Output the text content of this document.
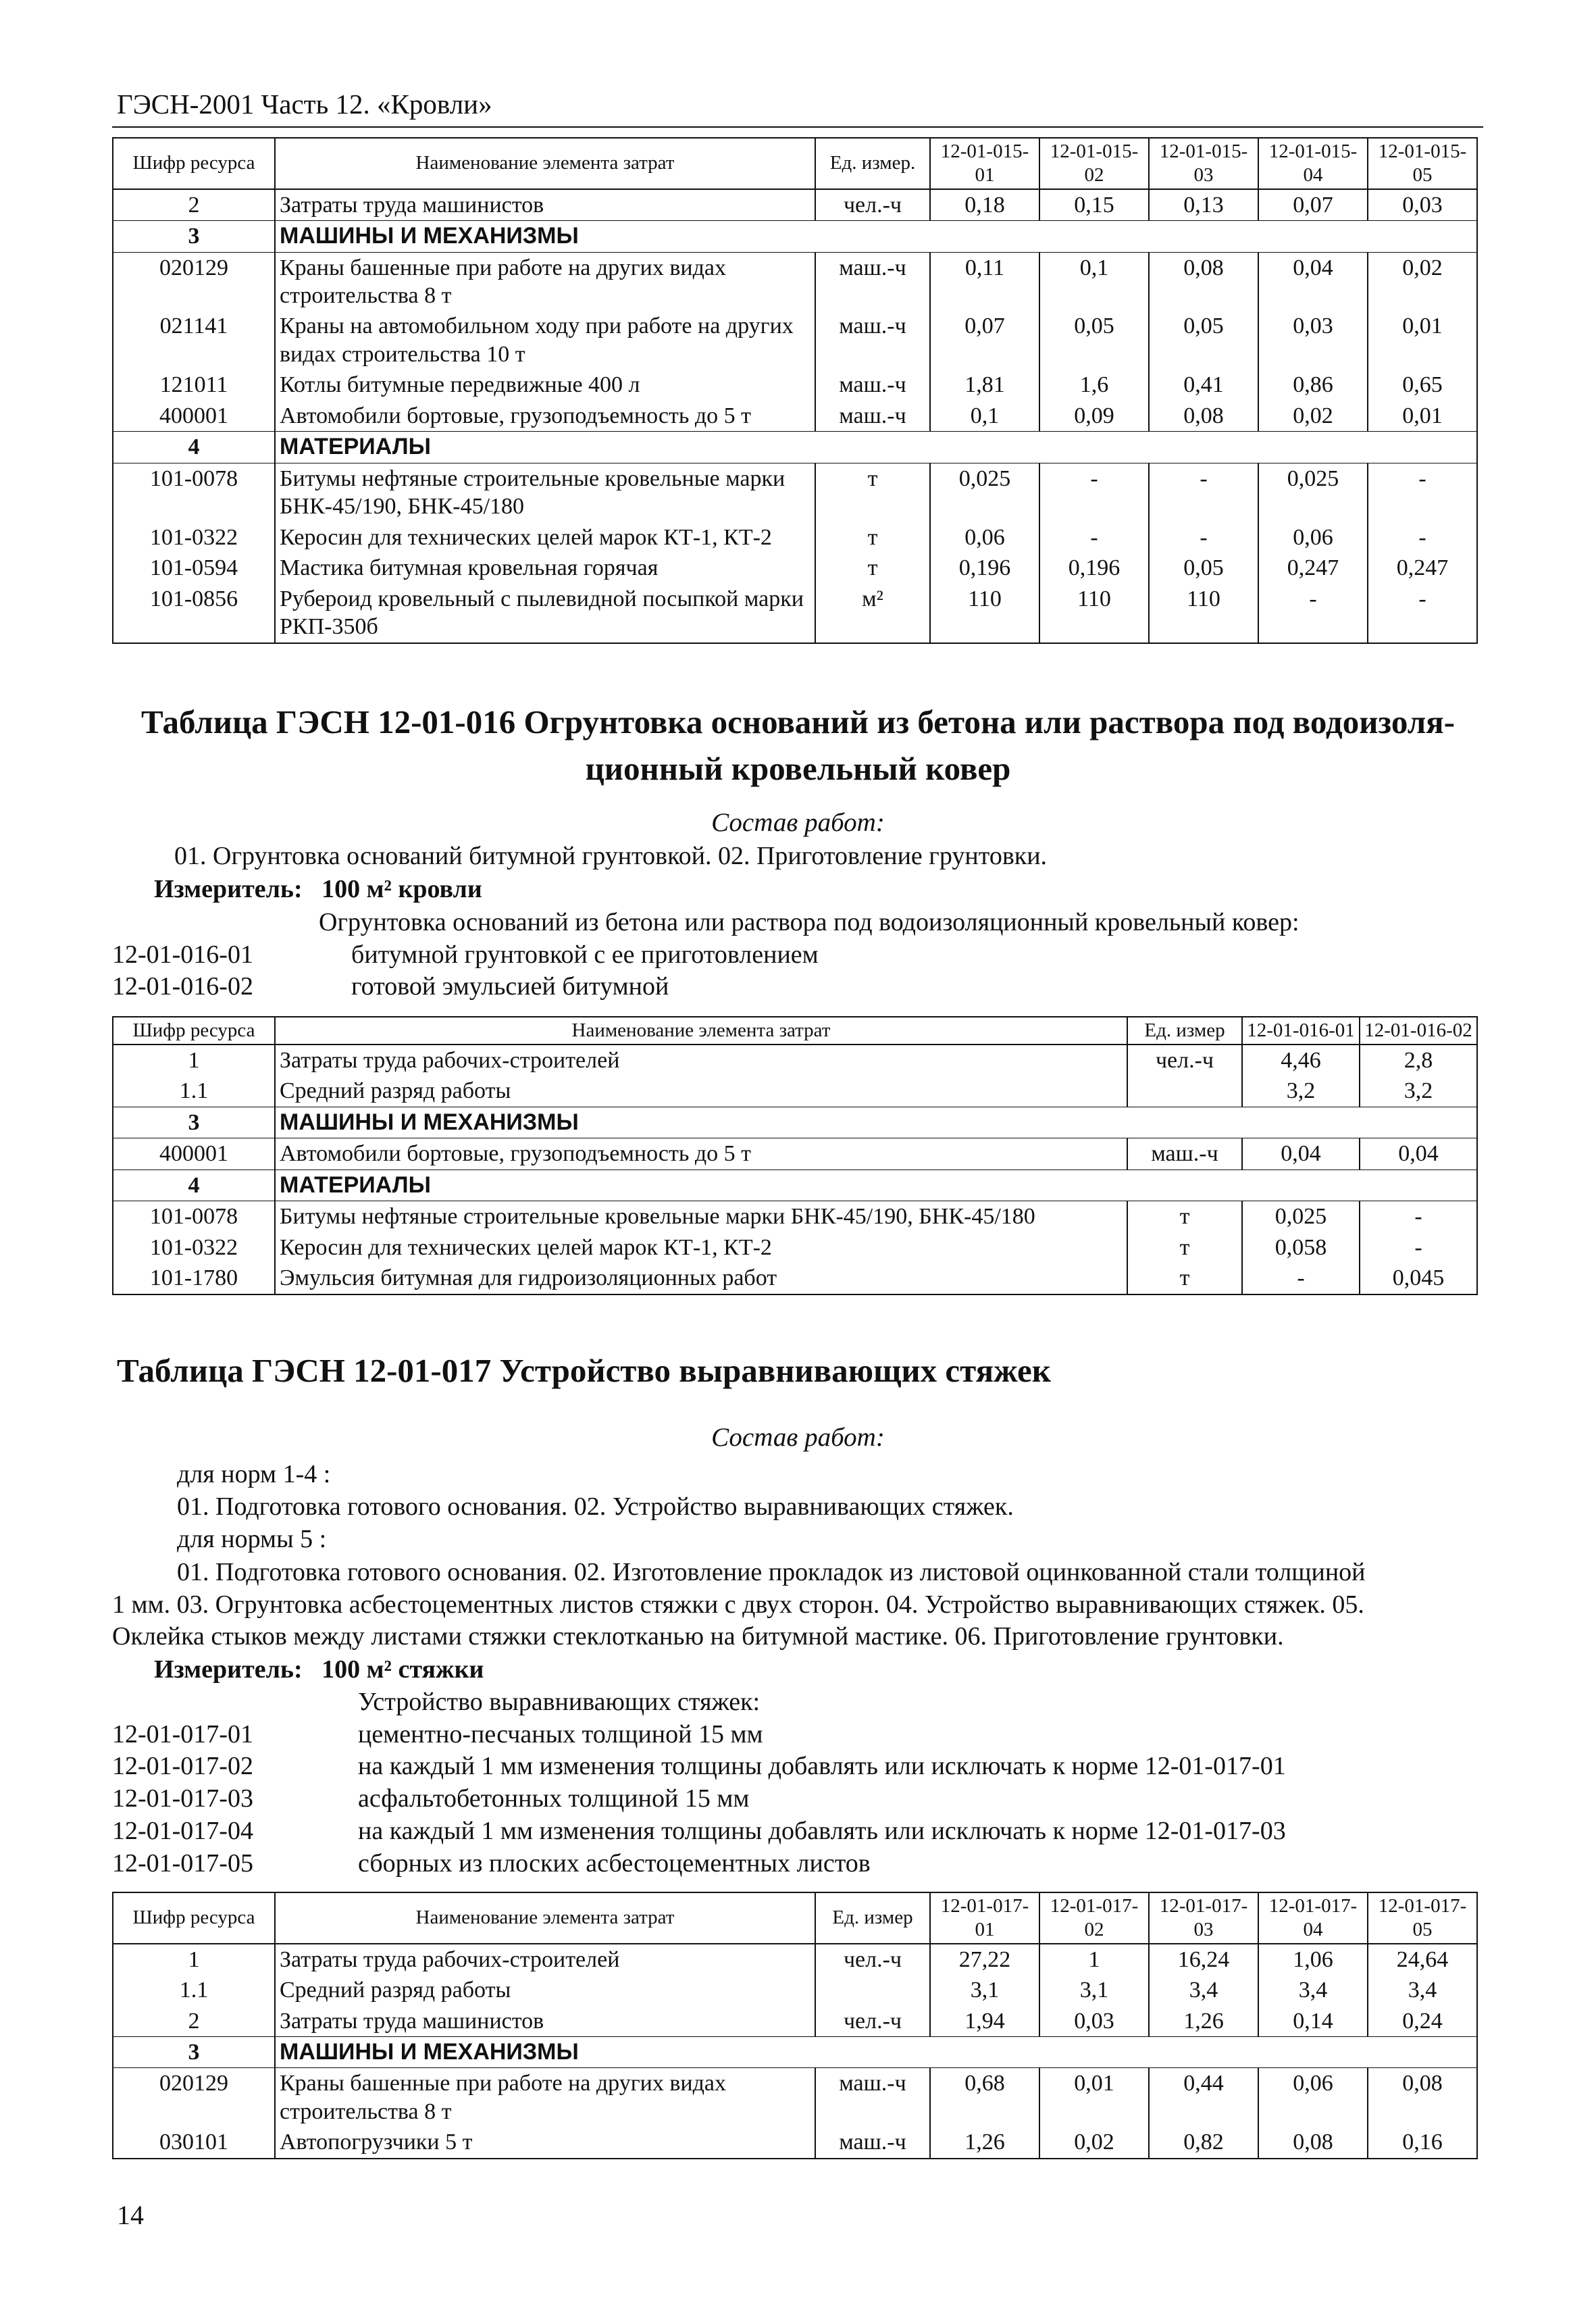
ГЭСН-2001 Часть 12. «Кровли»
Шифр ресурса	Наименование элемента затрат	Ед. измер.	12-01-015-01	12-01-015-02	12-01-015-03	12-01-015-04	12-01-015-05
2	Затраты труда машинистов	чел.-ч	0,18	0,15	0,13	0,07	0,03
3	МАШИНЫ И МЕХАНИЗМЫ						
020129	Краны башенные при работе на других видах строительства 8 т	маш.-ч	0,11	0,1	0,08	0,04	0,02
021141	Краны на автомобильном ходу при работе на других видах строительства 10 т	маш.-ч	0,07	0,05	0,05	0,03	0,01
121011	Котлы битумные передвижные 400 л	маш.-ч	1,81	1,6	0,41	0,86	0,65
400001	Автомобили бортовые, грузоподъемность до 5 т	маш.-ч	0,1	0,09	0,08	0,02	0,01
4	МАТЕРИАЛЫ						
101-0078	Битумы нефтяные строительные кровельные марки БНК-45/190, БНК-45/180	т	0,025	-	-	0,025	-
101-0322	Керосин для технических целей марок КТ-1, КТ-2	т	0,06	-	-	0,06	-
101-0594	Мастика битумная кровельная горячая	т	0,196	0,196	0,05	0,247	0,247
101-0856	Рубероид кровельный с пылевидной посыпкой марки РКП-350б	м²	110	110	110	-	-
Таблица ГЭСН 12-01-016 Огрунтовка оснований из бетона или раствора под водоизоля-
ционный кровельный ковер
Состав работ:
01. Огрунтовка оснований битумной грунтовкой. 02. Приготовление грунтовки.
Измеритель: 100 м² кровли
Огрунтовка оснований из бетона или раствора под водоизоляционный кровельный ковер:
12-01-016-01	битумной грунтовкой с ее приготовлением
12-01-016-02	готовой эмульсией битумной
Шифр ресурса	Наименование элемента затрат	Ед. измер	12-01-016-01	12-01-016-02
1	Затраты труда рабочих-строителей	чел.-ч	4,46	2,8
1.1	Средний разряд работы		3,2	3,2
3	МАШИНЫ И МЕХАНИЗМЫ			
400001	Автомобили бортовые, грузоподъемность до 5 т	маш.-ч	0,04	0,04
4	МАТЕРИАЛЫ			
101-0078	Битумы нефтяные строительные кровельные марки БНК-45/190, БНК-45/180	т	0,025	-
101-0322	Керосин для технических целей марок КТ-1, КТ-2	т	0,058	-
101-1780	Эмульсия битумная для гидроизоляционных работ	т	-	0,045
Таблица ГЭСН 12-01-017 Устройство выравнивающих стяжек
Состав работ:
для норм 1-4 :
01. Подготовка готового основания. 02. Устройство выравнивающих стяжек.
для нормы 5 :
01. Подготовка готового основания. 02. Изготовление прокладок из листовой оцинкованной стали толщиной
1 мм. 03. Огрунтовка асбестоцементных листов стяжки с двух сторон. 04. Устройство выравнивающих стяжек. 05.
Оклейка стыков между листами стяжки стеклотканью на битумной мастике. 06. Приготовление грунтовки.
Измеритель: 100 м² стяжки
Устройство выравнивающих стяжек:
12-01-017-01	цементно-песчаных толщиной 15 мм
12-01-017-02	на каждый 1 мм изменения толщины добавлять или исключать к норме 12-01-017-01
12-01-017-03	асфальтобетонных толщиной 15 мм
12-01-017-04	на каждый 1 мм изменения толщины добавлять или исключать к норме 12-01-017-03
12-01-017-05	сборных из плоских асбестоцементных листов
Шифр ресурса	Наименование элемента затрат	Ед. измер	12-01-017-01	12-01-017-02	12-01-017-03	12-01-017-04	12-01-017-05
1	Затраты труда рабочих-строителей	чел.-ч	27,22	1	16,24	1,06	24,64
1.1	Средний разряд работы		3,1	3,1	3,4	3,4	3,4
2	Затраты труда машинистов	чел.-ч	1,94	0,03	1,26	0,14	0,24
3	МАШИНЫ И МЕХАНИЗМЫ						
020129	Краны башенные при работе на других видах строительства 8 т	маш.-ч	0,68	0,01	0,44	0,06	0,08
030101	Автопогрузчики 5 т	маш.-ч	1,26	0,02	0,82	0,08	0,16
14
